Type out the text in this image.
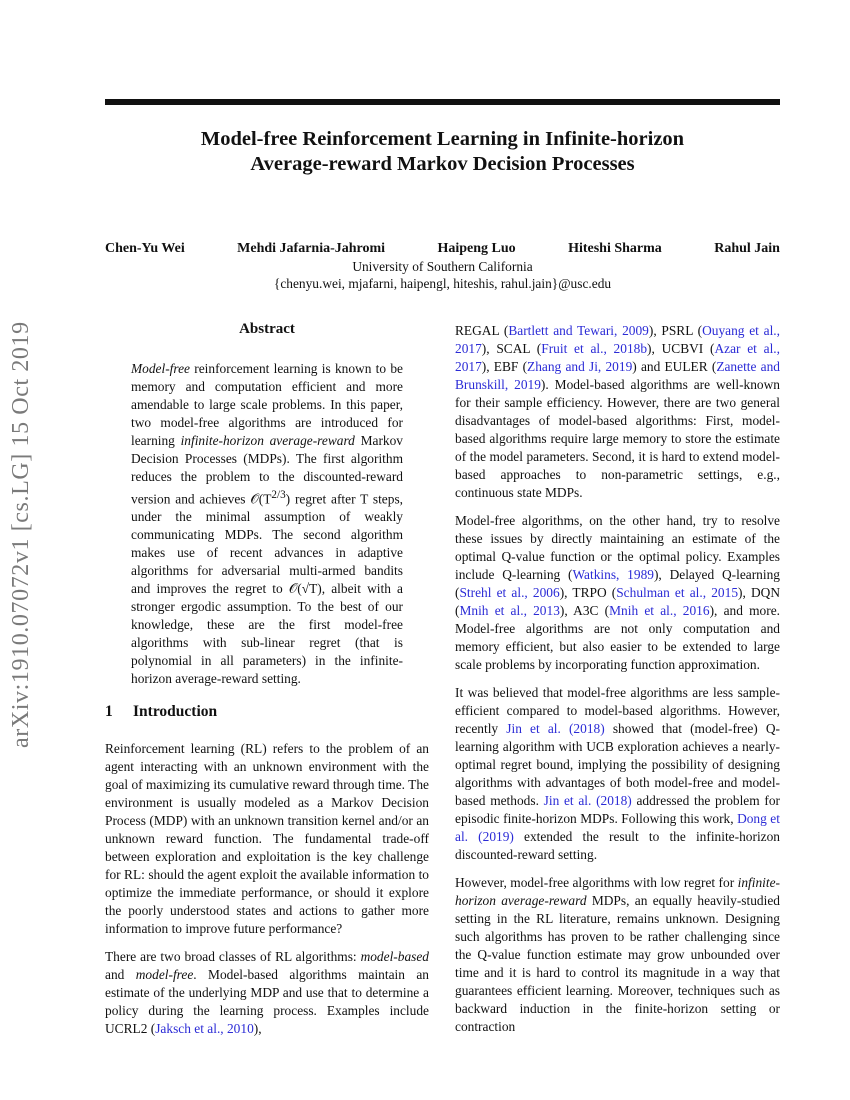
Model-free Reinforcement Learning in Infinite-horizon
Average-reward Markov Decision Processes
Chen-Yu Wei	Mehdi Jafarnia-Jahromi	Haipeng Luo	Hiteshi Sharma	Rahul Jain
University of Southern California
{chenyu.wei, mjafarni, haipengl, hiteshis, rahul.jain}@usc.edu
arXiv:1910.07072v1 [cs.LG] 15 Oct 2019	Abstract

Model-free reinforcement learning is known to be memory and computation efficient and more amendable to large scale problems. In this paper, two model-free algorithms are introduced for learning infinite-horizon average-reward Markov Decision Processes (MDPs). The first algorithm reduces the problem to the discounted-reward version and achieves $𝒪(T^{2/3})$ regret after T steps, under the minimal assumption of weakly communicating MDPs. The second algorithm makes use of recent advances in adaptive algorithms for adversarial multi-armed bandits and improves the regret to 𝒪(√T), albeit with a stronger ergodic assumption. To the best of our knowledge, these are the first model-free algorithms with sub-linear regret (that is polynomial in all parameters) in the infinite-horizon average-reward setting.

1 Introduction

Reinforcement learning (RL) refers to the problem of an agent interacting with an unknown environment with the goal of maximizing its cumulative reward through time. The environment is usually modeled as a Markov Decision Process (MDP) with an unknown transition kernel and/or an unknown reward function. The fundamental trade-off between exploration and exploitation is the key challenge for RL: should the agent exploit the available information to optimize the immediate performance, or should it explore the poorly understood states and actions to gather more information to improve future performance?

There are two broad classes of RL algorithms: model-based and model-free. Model-based algorithms maintain an estimate of the underlying MDP and use that to determine a policy during the learning process. Examples include UCRL2 (Jaksch et al., 2010),

REGAL (Bartlett and Tewari, 2009), PSRL (Ouyang et al., 2017), SCAL (Fruit et al., 2018b), UCBVI (Azar et al., 2017), EBF (Zhang and Ji, 2019) and EULER (Zanette and Brunskill, 2019). Model-based algorithms are well-known for their sample efficiency. However, there are two general disadvantages of model-based algorithms: First, model-based algorithms require large memory to store the estimate of the model parameters. Second, it is hard to extend model-based approaches to non-parametric settings, e.g., continuous state MDPs.

Model-free algorithms, on the other hand, try to resolve these issues by directly maintaining an estimate of the optimal Q-value function or the optimal policy. Examples include Q-learning (Watkins, 1989), Delayed Q-learning (Strehl et al., 2006), TRPO (Schulman et al., 2015), DQN (Mnih et al., 2013), A3C (Mnih et al., 2016), and more. Model-free algorithms are not only computation and memory efficient, but also easier to be extended to large scale problems by incorporating function approximation.

It was believed that model-free algorithms are less sample-efficient compared to model-based algorithms. However, recently Jin et al. (2018) showed that (model-free) Q-learning algorithm with UCB exploration achieves a nearly-optimal regret bound, implying the possibility of designing algorithms with advantages of both model-free and model-based methods. Jin et al. (2018) addressed the problem for episodic finite-horizon MDPs. Following this work, Dong et al. (2019) extended the result to the infinite-horizon discounted-reward setting.

However, model-free algorithms with low regret for infinite-horizon average-reward MDPs, an equally heavily-studied setting in the RL literature, remains unknown. Designing such algorithms has proven to be rather challenging since the Q-value function estimate may grow unbounded over time and it is hard to control its magnitude in a way that guarantees efficient learning. Moreover, techniques such as backward induction in the finite-horizon setting or contraction
